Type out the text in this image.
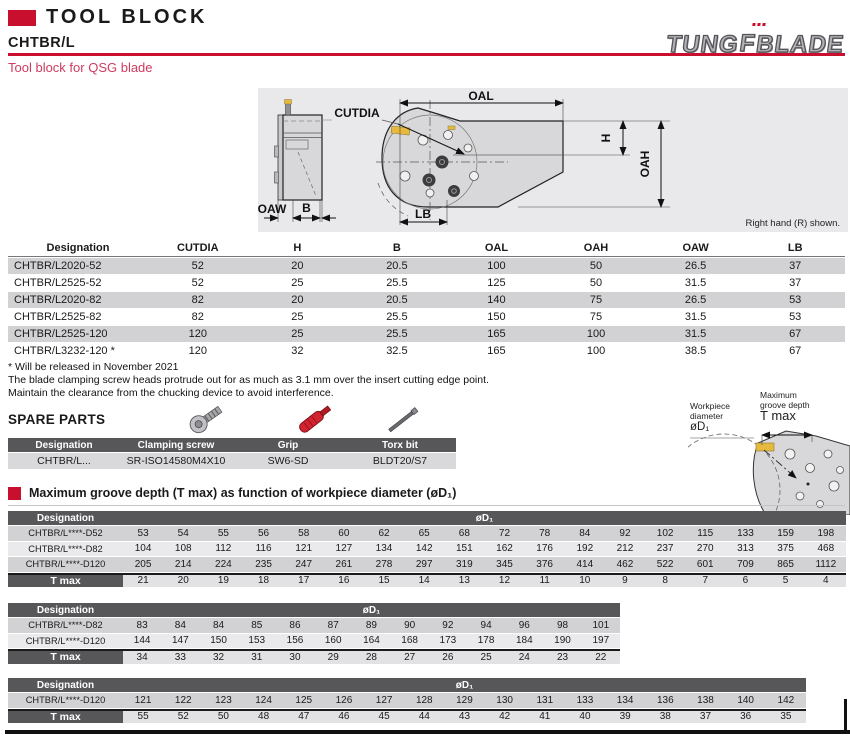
TOOL BLOCK
CHTBR/L
Tool block for QSG blade
TUNG
F
BLADE
B
OAW
OAL
H
OAH
LB
CUTDIA
Right hand (R) shown.
Designation	CUTDIA	H	B	OAL	OAH	OAW	LB
CHTBR/L2020-52	52	20	20.5	100	50	26.5	37
CHTBR/L2525-52	52	25	25.5	125	50	31.5	37
CHTBR/L2020-82	82	20	20.5	140	75	26.5	53
CHTBR/L2525-82	82	25	25.5	150	75	31.5	53
CHTBR/L2525-120	120	25	25.5	165	100	31.5	67
CHTBR/L3232-120 *	120	32	32.5	165	100	38.5	67
* Will be released in November 2021
The blade clamping screw heads protrude out for as much as 3.1 mm over the insert cutting edge point.
Maintain the clearance from the chucking device to avoid interference.
SPARE PARTS
Designation	Clamping screw	Grip	Torx bit
CHTBR/L...	SR-ISO14580M4X10	SW6-SD	BLDT20/S7
Workpiece
diameter
øD₁
Maximum
groove depth
T max
Maximum groove depth (T max) as function of workpiece diameter (øD₁)
Designation	øD₁																	
CHTBR/L****-D52	53	54	55	56	58	60	62	65	68	72	78	84	92	102	115	133	159	198
CHTBR/L****-D82	104	108	112	116	121	127	134	142	151	162	176	192	212	237	270	313	375	468
CHTBR/L****-D120	205	214	224	235	247	261	278	297	319	345	376	414	462	522	601	709	865	1112
T max	21	20	19	18	17	16	15	14	13	12	11	10	9	8	7	6	5	4
Designation	øD₁												
CHTBR/L****-D82	83	84	84	85	86	87	89	90	92	94	96	98	101
CHTBR/L****-D120	144	147	150	153	156	160	164	168	173	178	184	190	197
T max	34	33	32	31	30	29	28	27	26	25	24	23	22
Designation	øD₁																
CHTBR/L****-D120	121	122	123	124	125	126	127	128	129	130	131	133	134	136	138	140	142
T max	55	52	50	48	47	46	45	44	43	42	41	40	39	38	37	36	35
